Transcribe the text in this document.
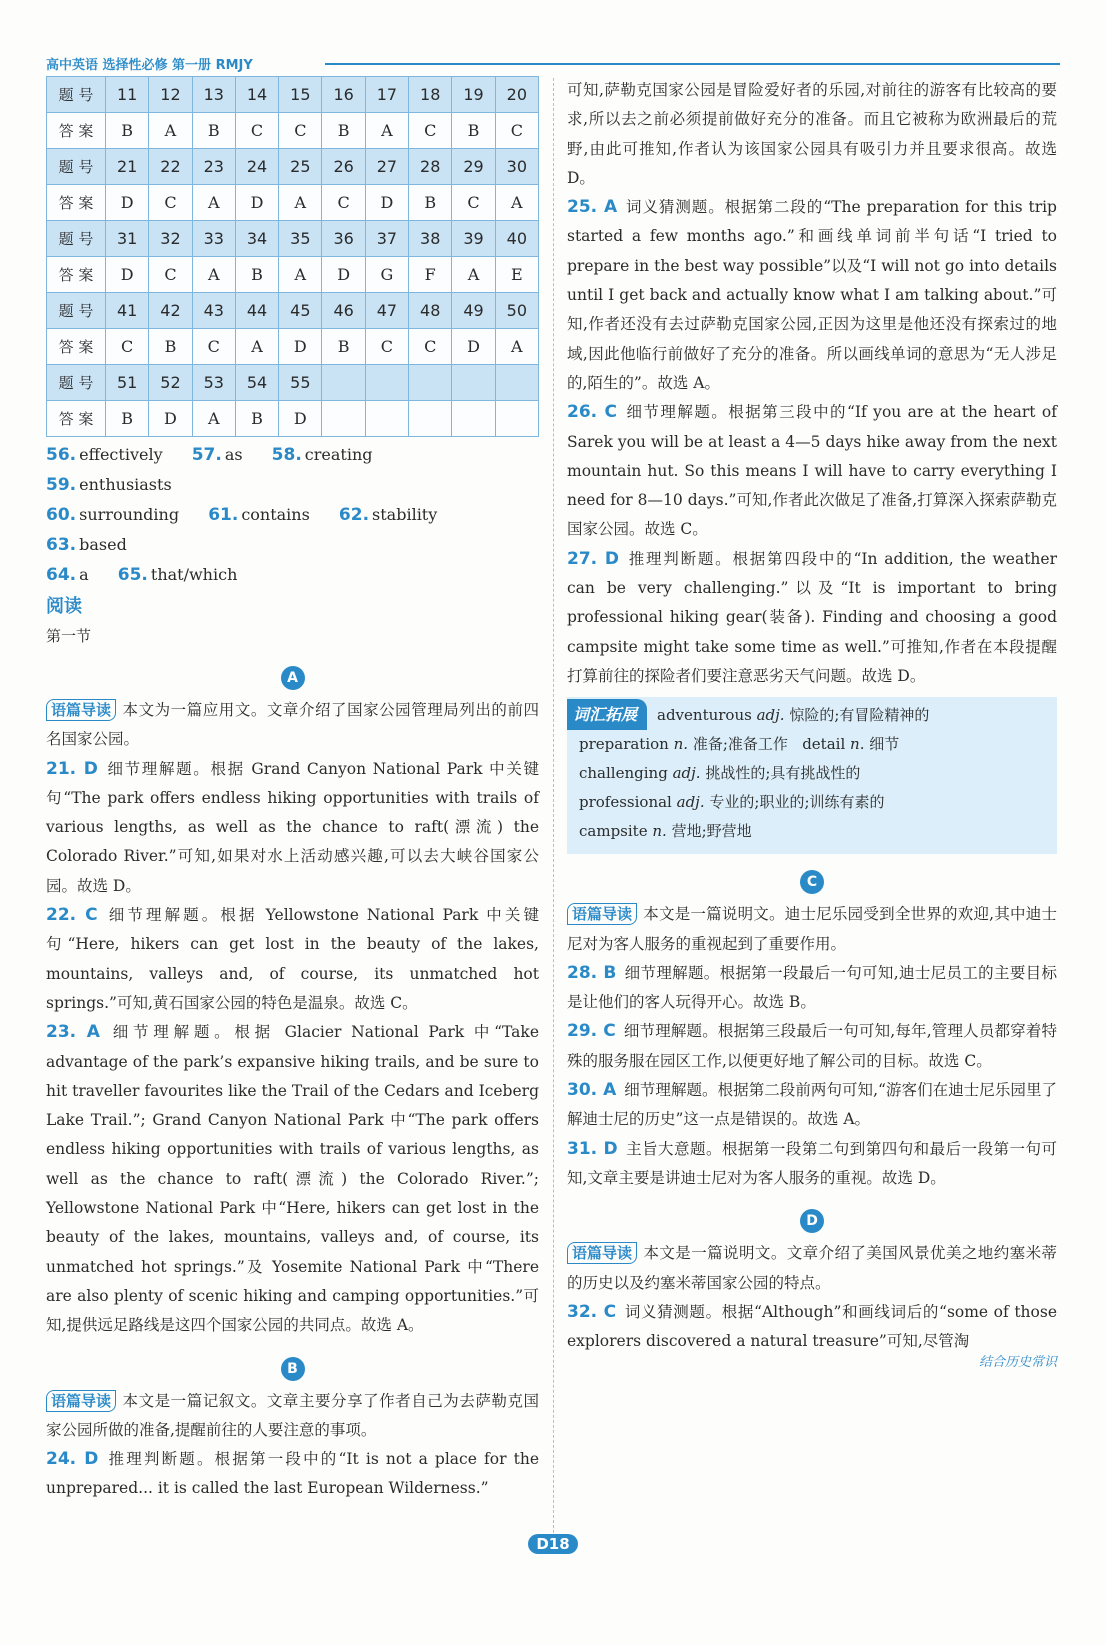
高中英语 选择性必修 第一册 RMJY
题 号	11	12	13	14	15	16	17	18	19	20
答 案	B	A	B	C	C	B	A	C	B	C
题 号	21	22	23	24	25	26	27	28	29	30
答 案	D	C	A	D	A	C	D	B	C	A
题 号	31	32	33	34	35	36	37	38	39	40
答 案	D	C	A	B	A	D	G	F	A	E
题 号	41	42	43	44	45	46	47	48	49	50
答 案	C	B	C	A	D	B	C	C	D	A
题 号	51	52	53	54	55					
答 案	B	D	A	B	D					
56. effectively 57. as 58. creating 59. enthusiasts
60. surrounding 61. contains 62. stability 63. based
64. a 65. that/which
阅读
第一节
A

语篇导读 本文为一篇应用文。文章介绍了国家公园管理局列出的前四名国家公园。

21. D 细节理解题。根据 Grand Canyon National Park 中关键句“The park offers endless hiking opportunities with trails of various lengths, as well as the chance to raft(漂流) the Colorado River.”可知,如果对水上活动感兴趣,可以去大峡谷国家公园。故选 D。

22. C 细节理解题。根据 Yellowstone National Park 中关键句“Here, hikers can get lost in the beauty of the lakes, mountains, valleys and, of course, its unmatched hot springs.”可知,黄石国家公园的特色是温泉。故选 C。

23. A 细节理解题。根据 Glacier National Park 中“Take advantage of the park’s expansive hiking trails, and be sure to hit traveller favourites like the Trail of the Cedars and Iceberg Lake Trail.”; Grand Canyon National Park 中“The park offers endless hiking opportunities with trails of various lengths, as well as the chance to raft(漂流) the Colorado River.”; Yellowstone National Park 中“Here, hikers can get lost in the beauty of the lakes, mountains, valleys and, of course, its unmatched hot springs.”及 Yosemite National Park 中“There are also plenty of scenic hiking and camping opportunities.”可知,提供远足路线是这四个国家公园的共同点。故选 A。

B

语篇导读 本文是一篇记叙文。文章主要分享了作者自己为去萨勒克国家公园所做的准备,提醒前往的人要注意的事项。

24. D 推理判断题。根据第一段中的“It is not a place for the unprepared... it is called the last European Wilderness.”

可知,萨勒克国家公园是冒险爱好者的乐园,对前往的游客有比较高的要求,所以去之前必须提前做好充分的准备。而且它被称为欧洲最后的荒野,由此可推知,作者认为该国家公园具有吸引力并且要求很高。故选 D。

25. A 词义猜测题。根据第二段的“The preparation for this trip started a few months ago.”和画线单词前半句话“I tried to prepare in the best way possible”以及“I will not go into details until I get back and actually know what I am talking about.”可知,作者还没有去过萨勒克国家公园,正因为这里是他还没有探索过的地域,因此他临行前做好了充分的准备。所以画线单词的意思为“无人涉足的,陌生的”。故选 A。

26. C 细节理解题。根据第三段中的“If you are at the heart of Sarek you will be at least a 4—5 days hike away from the next mountain hut. So this means I will have to carry everything I need for 8—10 days.”可知,作者此次做足了准备,打算深入探索萨勒克国家公园。故选 C。

27. D 推理判断题。根据第四段中的“In addition, the weather can be very challenging.”以及“It is important to bring professional hiking gear(装备). Finding and choosing a good campsite might take some time as well.”可推知,作者在本段提醒打算前往的探险者们要注意恶劣天气问题。故选 D。

词汇拓展 adventurous adj. 惊险的;有冒险精神的

preparation n. 准备;准备工作 detail n. 细节

challenging adj. 挑战性的;具有挑战性的

professional adj. 专业的;职业的;训练有素的

campsite n. 营地;野营地

C

语篇导读 本文是一篇说明文。迪士尼乐园受到全世界的欢迎,其中迪士尼对为客人服务的重视起到了重要作用。

28. B 细节理解题。根据第一段最后一句可知,迪士尼员工的主要目标是让他们的客人玩得开心。故选 B。

29. C 细节理解题。根据第三段最后一句可知,每年,管理人员都穿着特殊的服务服在园区工作,以便更好地了解公司的目标。故选 C。

30. A 细节理解题。根据第二段前两句可知,“游客们在迪士尼乐园里了解迪士尼的历史”这一点是错误的。故选 A。

31. D 主旨大意题。根据第一段第二句到第四句和最后一段第一句可知,文章主要是讲迪士尼对为客人服务的重视。故选 D。

D

语篇导读 本文是一篇说明文。文章介绍了美国风景优美之地约塞米蒂的历史以及约塞米蒂国家公园的特点。

32. C 词义猜测题。根据“Although”和画线词后的“some of those explorers discovered a natural treasure”可知,尽管淘

结合历史常识
D18
